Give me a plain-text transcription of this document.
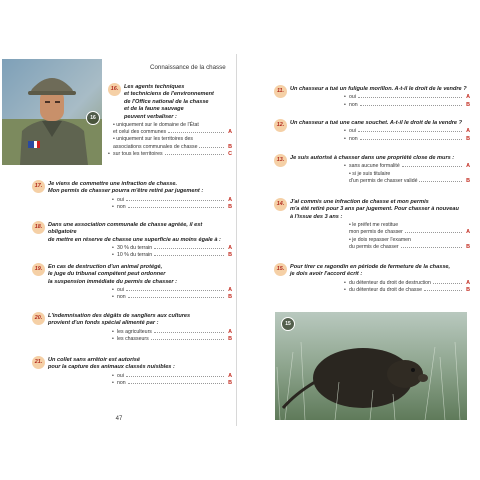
16
16.	Les agents techniques
et techniciens de l'environnement
de l'Office national de la chasse
et de la faune sauvage
peuvent verbaliser :
• uniquement sur le domaine de l'État
et celui des communes	A
• uniquement sur les territoires des
associations communales de chasse	B
• sur tous les territoires	C
17.	Je viens de commettre une infraction de chasse.
Mon permis de chasser pourra m'être retiré par jugement :
• oui	A
• non	B
18.	Dans une association communale de chasse agréée, il est obligatoire
de mettre en réserve de chasse une superficie au moins égale à :
• 30 % du terrain	A
• 10 % du terrain	B
19.	En cas de destruction d'un animal protégé,
le juge du tribunal compétent peut ordonner
la suspension immédiate du permis de chasser :
• oui	A
• non	B
20.	L'indemnisation des dégâts de sangliers aux cultures
provient d'un fonds spécial alimenté par :
• les agriculteurs	A
• les chasseurs	B
21.	Un collet sans arrêtoir est autorisé
pour la capture des animaux classés nuisibles :
• oui	A
• non	B
47
Connaissance de la chasse
11.	Un chasseur a tué un fuligule morillon. A-t-il le droit de le vendre ?
• oui	A
• non	B
12.	Un chasseur a tué une cane souchet. A-t-il le droit de la vendre ?
• oui	A
• non	B
13.	Je suis autorisé à chasser dans une propriété close de murs :
• sans aucune formalité	A
• si je suis titulaire
d'un permis de chasser validé	B
14.	J'ai commis une infraction de chasse et mon permis
m'a été retiré pour 3 ans par jugement. Pour chasser à nouveau
à l'issue des 3 ans :
• le préfet me restitue
mon permis de chasser	A
• je dois repasser l'examen
du permis de chasser	B
15.	Pour tirer ce ragondin en période de fermeture de la chasse,
je dois avoir l'accord écrit :
• du détenteur du droit de destruction	A
• du détenteur du droit de chasse	B
15
